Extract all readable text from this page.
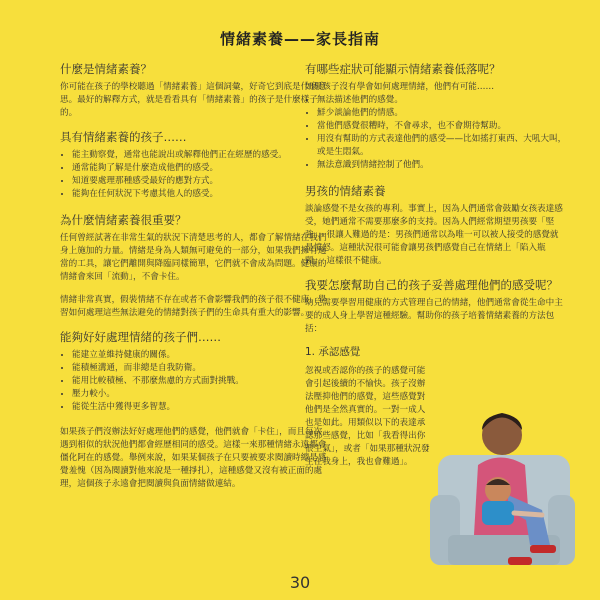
情緒素養——家長指南
什麼是情緒素養？

你可能在孩子的學校聽過「情緒素養」這個詞彙，好奇它到底是什麼意思。最好的解釋方式，就是看看具有「情緒素養」的孩子是什麼樣子的。

具有情緒素養的孩子……
• 能主動察覺，通常也能說出或解釋他們正在經歷的感受。
• 通常能夠了解是什麼造成他們的感受。
• 知道要處理那種感受最好的應對方式。
• 能夠在任何狀況下考慮其他人的感受。
為什麼情緒素養很重要？

任何曾經試著在非常生氣的狀況下清楚思考的人，都會了解情緒在我們身上施加的力量。情緒是身為人類無可避免的一部分，如果我們擁有適當的工具，讓它們離開與降臨同樣簡單，它們就不會成為問題。健康的情緒會來回「流動」，不會卡住。

情緒非常真實，假裝情緒不存在或者不會影響我們的孩子很不健康。學習如何處理這些無法避免的情緒對孩子們的生命具有重大的影響。

能夠好好處理情緒的孩子們……
• 能建立並維持健康的關係。
• 能積極溝通，而非總是自我防衛。
• 能用比較積極、不那麼焦慮的方式面對挑戰。
• 壓力較小。
• 能從生活中獲得更多智慧。

如果孩子們沒辦法好好處理他們的感覺，他們就會「卡住」，而且每次遇到相似的狀況他們都會經歷相同的感受。這樣一來那種情緒永遠都會僵化阿在的感覺。舉例來說，如果某個孩子在只要被要求閱讀時總是感覺羞愧（因為閱讀對他來說是一種掙扎），這種感覺又沒有被正面的處理，這個孩子永遠會把閱讀與負面情緒做連結。

有哪些症狀可能顯示情緒素養低落呢？

如果孩子沒有學會如何處理情緒，他們有可能……

• 無法描述他們的感覺。
• 鮮少談論他們的情感。
• 當他們感覺很糟時，不會尋求，也不會期待幫助。
• 用沒有幫助的方式表達他們的感受——比如搖打東西、大吼大叫，或是生悶氣。
• 無法意識到情緒控制了他們。
男孩的情緒素養

談論感覺不是女孩的專利。事實上，因為人們通常會鼓勵女孩表達感受，她們通常不需要那麼多的支持。因為人們經常期望男孩要「堅強」，很讓人難過的是：男孩們通常以為唯一可以被人接受的感覺就是憤怒。這種狀況很可能會讓男孩們感覺自己在情緒上「陷入瓶頸」，這樣很不健康。

我要怎麼幫助自己的孩子妥善處理他們的感受呢？

幼兒需要學習用健康的方式管理自己的情緒，他們通常會從生命中主要的成人身上學習這種經驗。幫助你的孩子培養情緒素養的方法包括：

1. 承認感覺

忽視或否認你的孩子的感覺可能會引起後續的不愉快。孩子沒辦法壓抑他們的感覺，這些感覺對他們是全然真實的。一對一成人也是如此。用類似以下的表達承認那些感覺，比如「我看得出你很生氣」，或者「如果那種狀況發生在我身上，我也會難過」。

30
